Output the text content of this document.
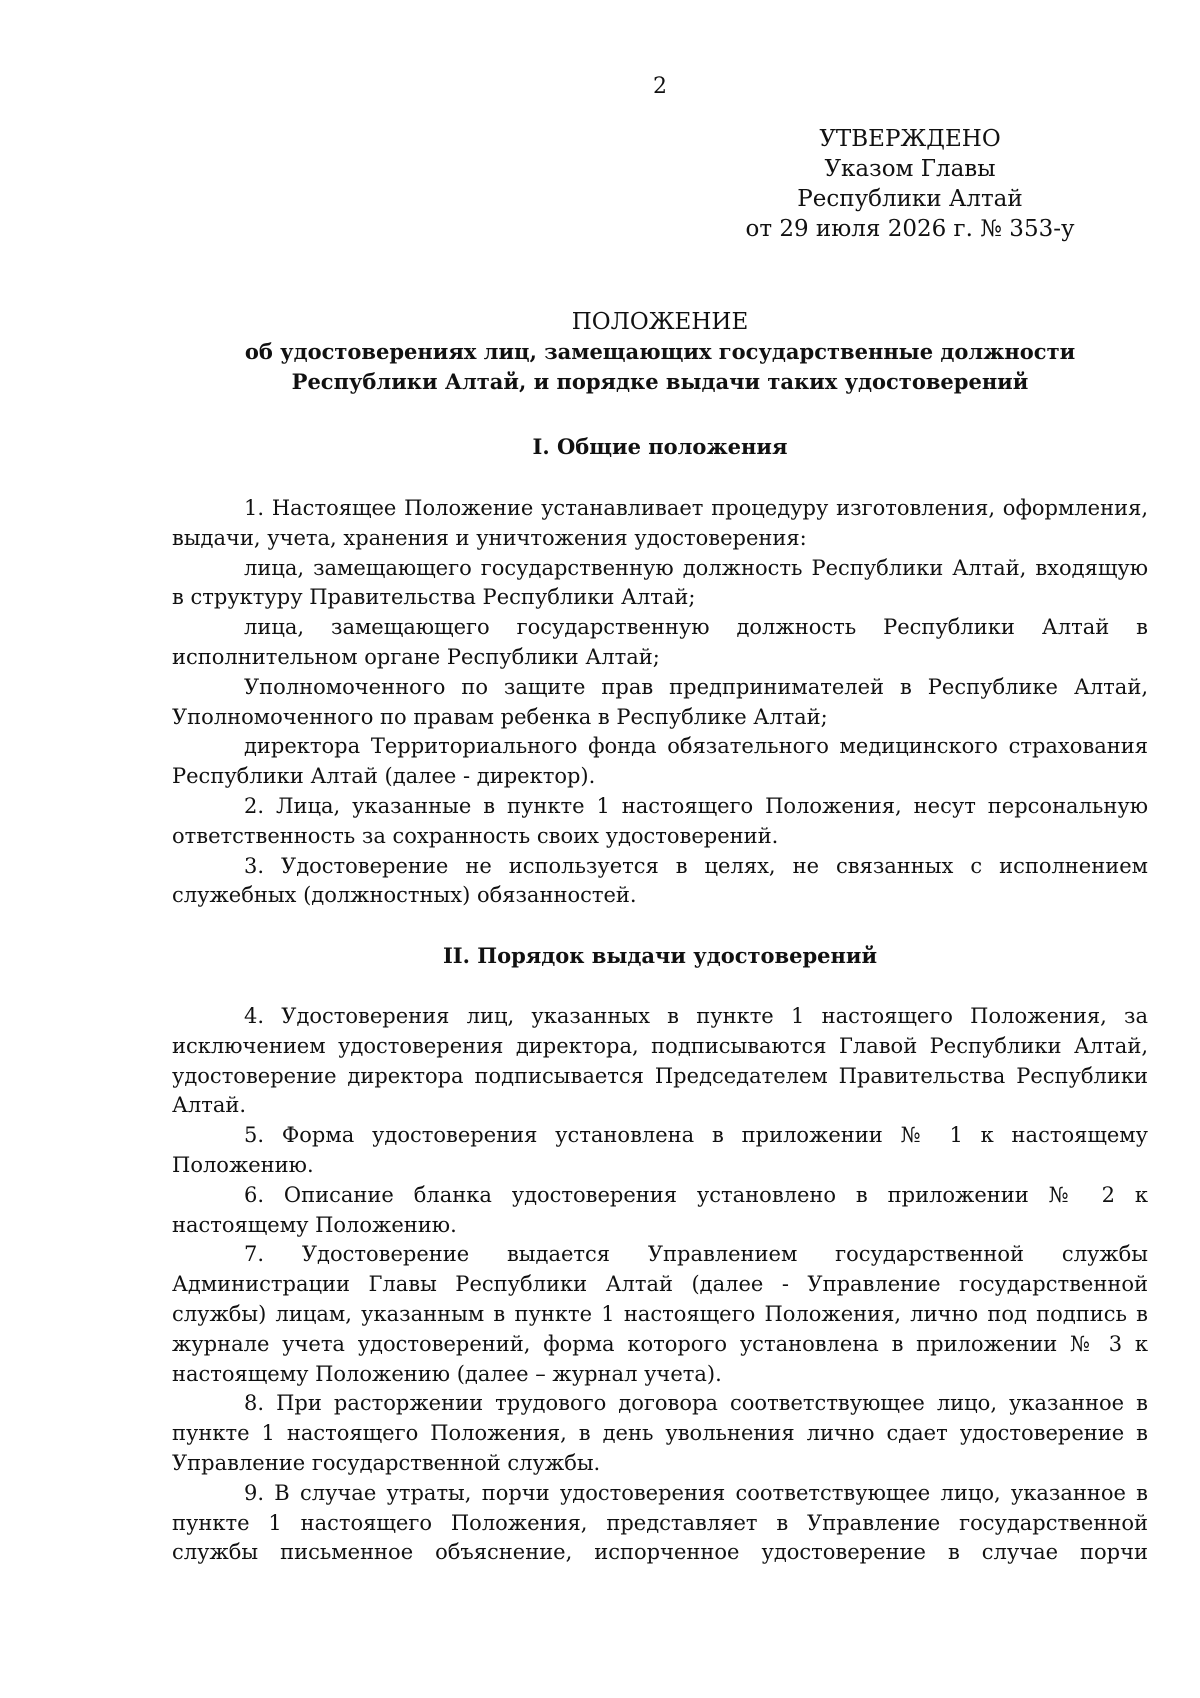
2
УТВЕРЖДЕНО
Указом Главы
Республики Алтай
от 29 июля 2026 г. № 353-у
ПОЛОЖЕНИЕ
об удостоверениях лиц, замещающих государственные должности Республики Алтай, и порядке выдачи таких удостоверений
I. Общие положения

1. Настоящее Положение устанавливает процедуру изготовления, оформления, выдачи, учета, хранения и уничтожения удостоверения:

лица, замещающего государственную должность Республики Алтай, входящую в структуру Правительства Республики Алтай;

лица, замещающего государственную должность Республики Алтай в исполнительном органе Республики Алтай;

Уполномоченного по защите прав предпринимателей в Республике Алтай, Уполномоченного по правам ребенка в Республике Алтай;

директора Территориального фонда обязательного медицинского страхования Республики Алтай (далее - директор).

2. Лица, указанные в пункте 1 настоящего Положения, несут персональную ответственность за сохранность своих удостоверений.

3. Удостоверение не используется в целях, не связанных с исполнением служебных (должностных) обязанностей.

II. Порядок выдачи удостоверений

4. Удостоверения лиц, указанных в пункте 1 настоящего Положения, за исключением удостоверения директора, подписываются Главой Республики Алтай, удостоверение директора подписывается Председателем Правительства Республики Алтай.

5. Форма удостоверения установлена в приложении № 1 к настоящему Положению.

6. Описание бланка удостоверения установлено в приложении № 2 к настоящему Положению.

7. Удостоверение выдается Управлением государственной службы Администрации Главы Республики Алтай (далее - Управление государственной службы) лицам, указанным в пункте 1 настоящего Положения, лично под подпись в журнале учета удостоверений, форма которого установлена в приложении № 3 к настоящему Положению (далее – журнал учета).

8. При расторжении трудового договора соответствующее лицо, указанное в пункте 1 настоящего Положения, в день увольнения лично сдает удостоверение в Управление государственной службы.

9. В случае утраты, порчи удостоверения соответствующее лицо, указанное в пункте 1 настоящего Положения, представляет в Управление государственной службы письменное объяснение, испорченное удостоверение в случае порчи
